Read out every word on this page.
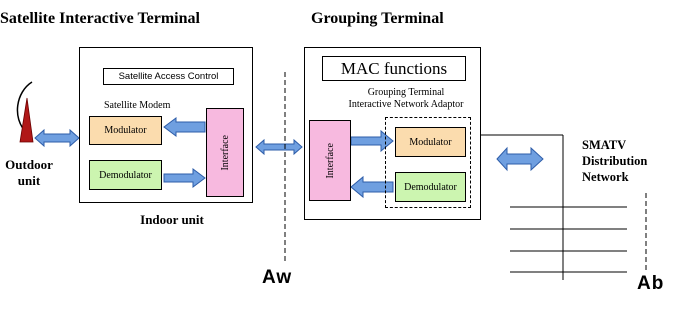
Satellite Interactive Terminal	Grouping Terminal
Satellite Access Control
Satellite Modem
Modulator
Demodulator
Interface
Indoor unit
Outdoor
unit
MAC functions
Grouping Terminal
Interactive Network Adaptor
Interface
Modulator
Demodulator
SMATV
Distribution
Network
Aw	Ab
